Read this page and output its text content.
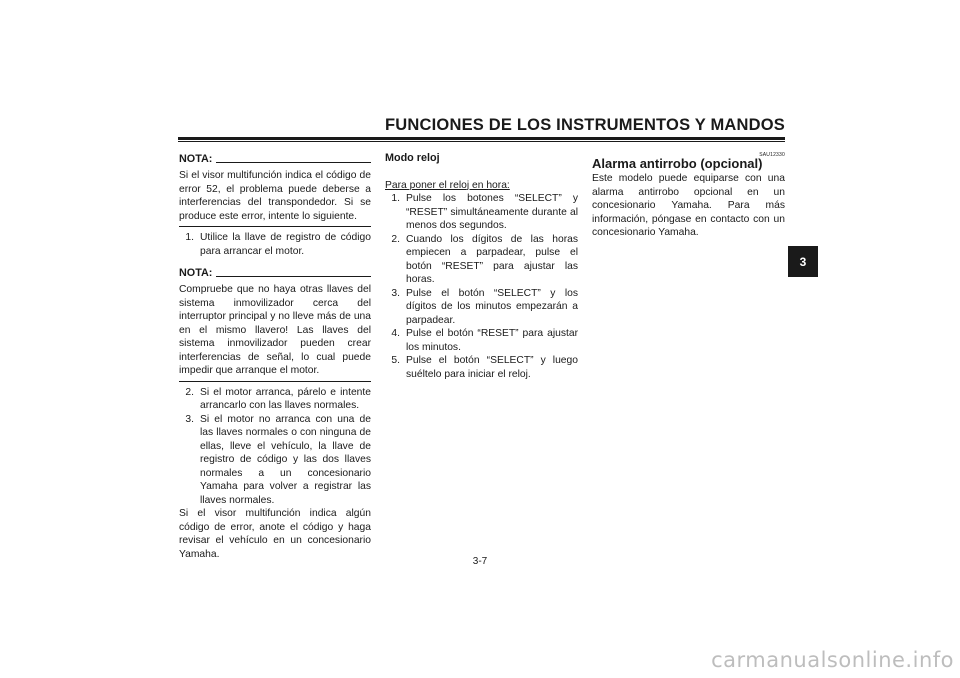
FUNCIONES DE LOS INSTRUMENTOS Y MANDOS
3
NOTA:

Si el visor multifunción indica el código de error 52, el problema puede deberse a interferencias del transpondedor. Si se produce este error, intente lo siguiente.

1. Utilice la llave de registro de código para arrancar el motor.
NOTA:

Compruebe que no haya otras llaves del sistema inmovilizador cerca del interruptor principal y no lleve más de una en el mismo llavero! Las llaves del sistema inmovilizador pueden crear interferencias de señal, lo cual puede impedir que arranque el motor.

2. Si el motor arranca, párelo e intente arrancarlo con las llaves normales.
3. Si el motor no arranca con una de las llaves normales o con ninguna de ellas, lleve el vehículo, la llave de registro de código y las dos llaves normales a un concesionario Yamaha para volver a registrar las llaves normales.

Si el visor multifunción indica algún código de error, anote el código y haga revisar el vehículo en un concesionario Yamaha.

Modo reloj

Para poner el reloj en hora:

1. Pulse los botones “SELECT” y “RESET” simultáneamente durante al menos dos segundos.
2. Cuando los dígitos de las horas empiecen a parpadear, pulse el botón “RESET” para ajustar las horas.
3. Pulse el botón “SELECT” y los dígitos de los minutos empezarán a parpadear.
4. Pulse el botón “RESET” para ajustar los minutos.
5. Pulse el botón “SELECT” y luego suéltelo para iniciar el reloj.

SAU12330

Alarma antirrobo (opcional)

Este modelo puede equiparse con una alarma antirrobo opcional en un concesionario Yamaha. Para más información, póngase en contacto con un concesionario Yamaha.

3-7
carmanualsonline.info
